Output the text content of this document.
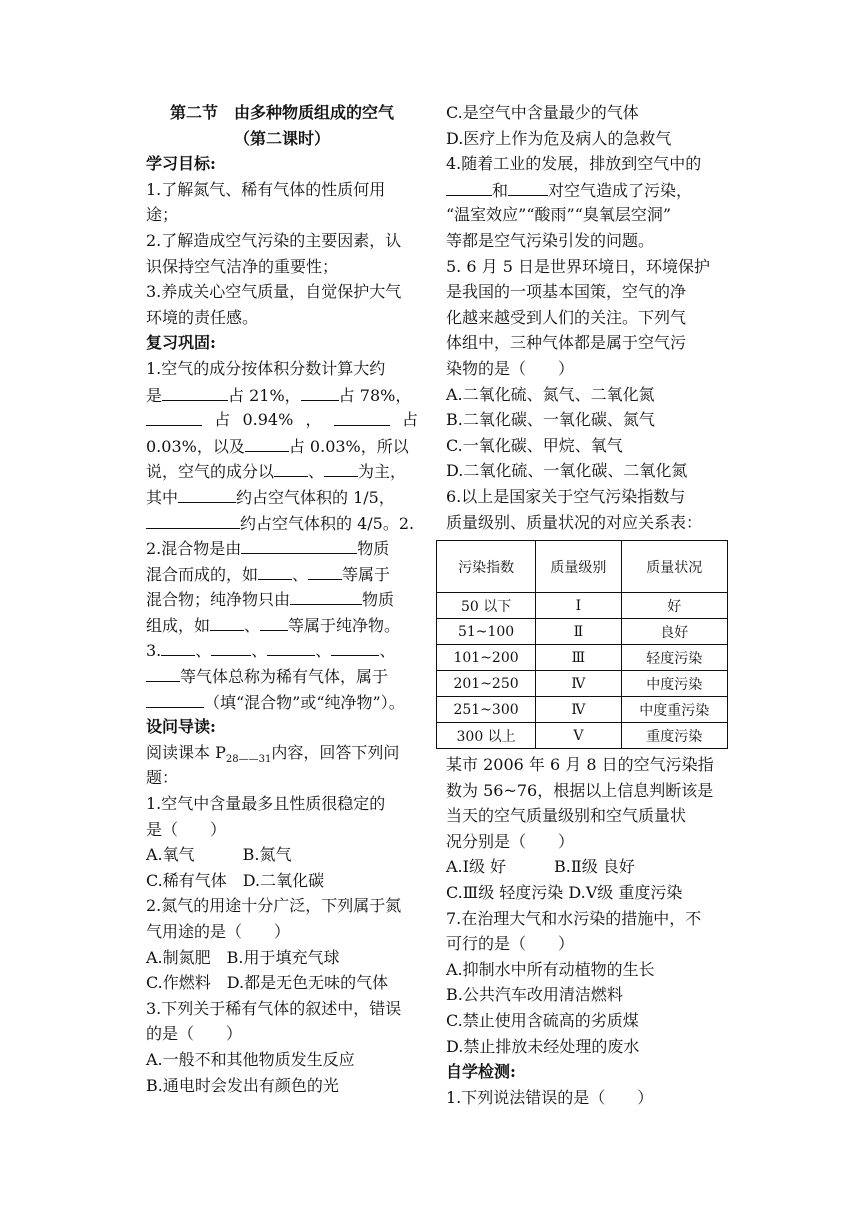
第二节　由多种物质组成的空气
（第二课时）
学习目标:
1.了解氮气、稀有气体的性质何用
途；
2.了解造成空气污染的主要因素，认
识保持空气洁净的重要性；
3.养成关心空气质量，自觉保护大气
环境的责任感。
复习巩固:
1.空气的成分按体积分数计算大约
是	占 21%， 占 78%，
占 0.94% ，	占
0.03%，以及	占 0.03%，所以
说，空气的成分以 、 为主，
其中	约占空气体积的 1/5，
约占空气体积的 4/5。2.
2.混合物是由	物质
混合而成的，如 、 等属于
混合物；纯净物只由	物质
组成，如 、 等属于纯净物。
3. 、	、	、	、
等气体总称为稀有气体，属于
（填“混合物”或“纯净物”）。
设问导读:
阅读课本 $P_{28——31}$内容，回答下列问
题：
1.空气中含量最多且性质很稳定的
是（　　）
A.氧气　　　B.氮气
C.稀有气体　D.二氧化碳
2.氮气的用途十分广泛，下列属于氮
气用途的是（　　）
A.制氮肥　B.用于填充气球
C.作燃料　D.都是无色无味的气体
3.下列关于稀有气体的叙述中，错误
的是（　　）
A.一般不和其他物质发生反应
B.通电时会发出有颜色的光
C.是空气中含量最少的气体
D.医疗上作为危及病人的急救气
4.随着工业的发展，排放到空气中的
和	对空气造成了污染，
“温室效应”“酸雨”“臭氧层空洞”
等都是空气污染引发的问题。
5. 6 月 5 日是世界环境日，环境保护
是我国的一项基本国策，空气的净
化越来越受到人们的关注。下列气
体组中，三种气体都是属于空气污
染物的是（　　）
A.二氧化硫、氮气、二氧化氮
B.二氧化碳、一氧化碳、氮气
C.一氧化碳、甲烷、氧气
D.二氧化硫、一氧化碳、二氧化氮
6.以上是国家关于空气污染指数与
质量级别、质量状况的对应关系表：
污染指数	质量级别	质量状况
50 以下	Ⅰ	好
51~100	Ⅱ	良好
101~200	Ⅲ	轻度污染
201~250	Ⅳ	中度污染
251~300	Ⅳ	中度重污染
300 以上	Ⅴ	重度污染
某市 2006 年 6 月 8 日的空气污染指
数为 56~76，根据以上信息判断该是
当天的空气质量级别和空气质量状
况分别是（　　）
A.Ⅰ级 好　　　B.Ⅱ级 良好
C.Ⅲ级 轻度污染 D.Ⅴ级 重度污染
7.在治理大气和水污染的措施中，不
可行的是（　　）
A.抑制水中所有动植物的生长
B.公共汽车改用清洁燃料
C.禁止使用含硫高的劣质煤
D.禁止排放未经处理的废水
自学检测:
1.下列说法错误的是（　　）
